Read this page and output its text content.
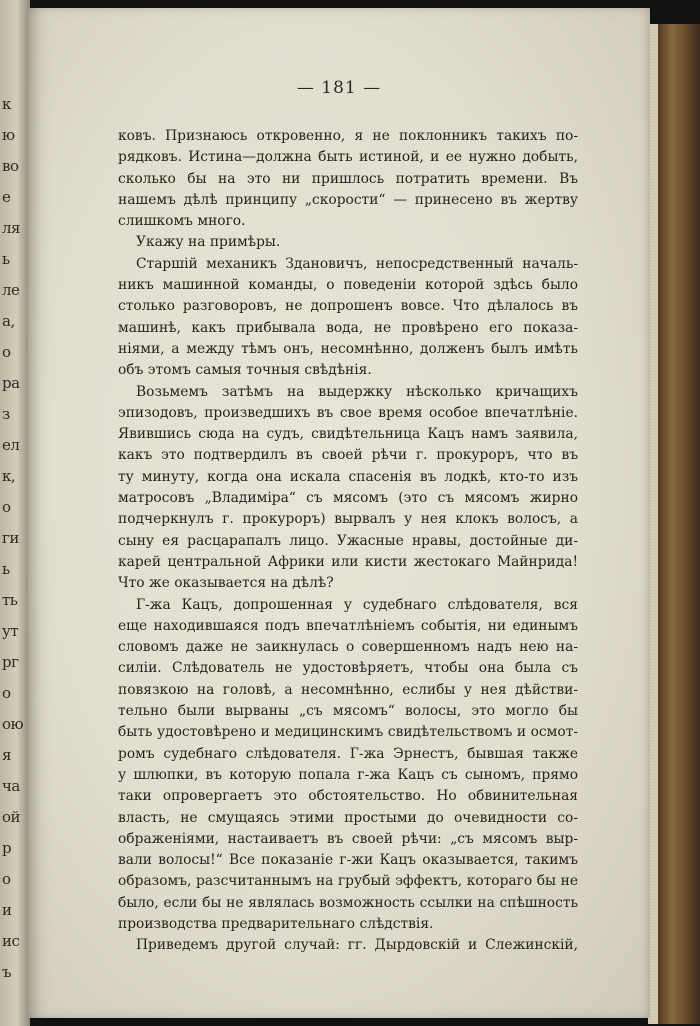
к
ю
во
е
ля
ь
ле
а,
о
ра
з
ел
к,
о
ги
ь
ть
ут
рг
о
ою
я
ча
ой
р
о
и
ис
ъ
— 181 —
ковъ. Признаюсь откровенно, я не поклонникъ такихъ по-
рядковъ. Истина—должна быть истиной, и ее нужно добыть,
сколько бы на это ни пришлось потратить времени. Въ
нашемъ дѣлѣ принципу „скорости“ — принесено въ жертву
слишкомъ много.
Укажу на примѣры.
Старшій механикъ Здановичъ, непосредственный началь-
никъ машинной команды, о поведеніи которой здѣсь было
столько разговоровъ, не допрошенъ вовсе. Что дѣлалось въ
машинѣ, какъ прибывала вода, не провѣрено его показа-
ніями, а между тѣмъ онъ, несомнѣнно, долженъ былъ имѣть
объ этомъ самыя точныя свѣдѣнія.
Возьмемъ затѣмъ на выдержку нѣсколько кричащихъ
эпизодовъ, произведшихъ въ свое время особое впечатлѣніе.
Явившись сюда на судъ, свидѣтельница Кацъ намъ заявила,
какъ это подтвердилъ въ своей рѣчи г. прокуроръ, что въ
ту минуту, когда она искала спасенія въ лодкѣ, кто-то изъ
матросовъ „Владиміра“ съ мясомъ (это съ мясомъ жирно
подчеркнулъ г. прокуроръ) вырвалъ у нея клокъ волосъ, а
сыну ея расцарапалъ лицо. Ужасные нравы, достойные ди-
карей центральной Африки или кисти жестокаго Майнрида!
Что же оказывается на дѣлѣ?
Г-жа Кацъ, допрошенная у судебнаго слѣдователя, вся
еще находившаяся подъ впечатлѣніемъ событія, ни единымъ
словомъ даже не заикнулась о совершенномъ надъ нею на-
силіи. Слѣдователь не удостовѣряетъ, чтобы она была съ
повязкою на головѣ, а несомнѣнно, еслибы у нея дѣйстви-
тельно были вырваны „съ мясомъ“ волосы, это могло бы
быть удостовѣрено и медицинскимъ свидѣтельствомъ и осмот-
ромъ судебнаго слѣдователя. Г-жа Эрнестъ, бывшая также
у шлюпки, въ которую попала г-жа Кацъ съ сыномъ, прямо
таки опровергаетъ это обстоятельство. Но обвинительная
власть, не смущаясь этими простыми до очевидности со-
ображеніями, настаиваетъ въ своей рѣчи: „съ мясомъ выр-
вали волосы!“ Все показаніе г-жи Кацъ оказывается, такимъ
образомъ, разсчитаннымъ на грубый эффектъ, котораго бы не
было, если бы не являлась возможность ссылки на спѣшность
производства предварительнаго слѣдствія.
Приведемъ другой случай: гг. Дырдовскій и Слежинскій,
